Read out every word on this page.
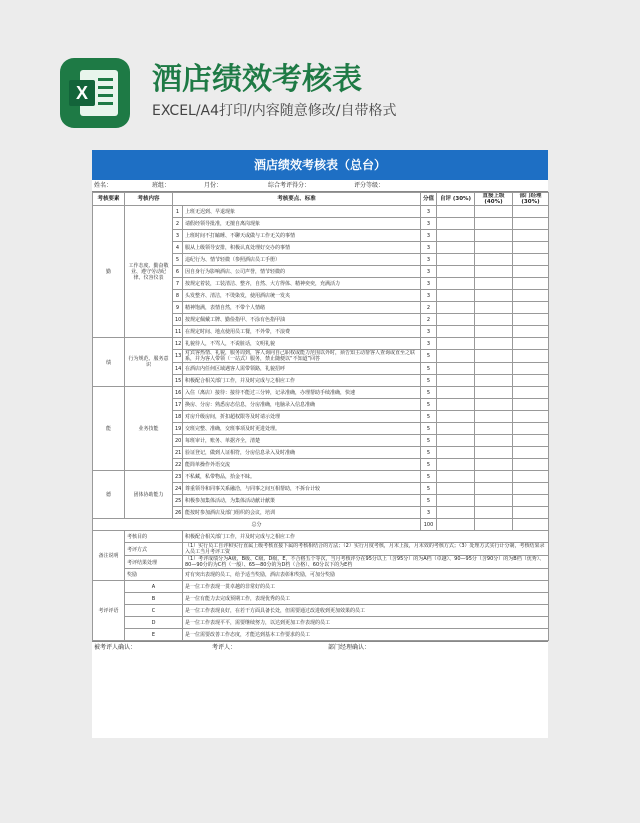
X 酒店绩效考核表
EXCEL/A4打印/内容随意修改/自带格式
酒店绩效考核表（总台）
姓名：	班组：	月份：	综合考评得分：	评分等级：
考核要素	考核内容	考核要点、标准		分值	自评 (30%)	直接上级 (40%)	部门经理 (30%)
勤	工作态度、勤奋敬业、遵守劳动纪律、仪容仪表	1	上班无迟到、早退现象	3			
		2	请假经领导批准，无擅自离岗现象	3			
		3	上班时间不打瞌睡、不聊天或做与工作无关的事情	3			
		4	服从上级领导安排，积极认真处理好交办的事情	3			
		5	违纪行为、情节轻微（参照酒店员工手册）	3			
		6	因自身行为影响酒店、公司声誉，情节轻微的	3			
		7	按规定着装，工装清洁、整齐，自然、大方得体、精神奕奕，充满活力	3			
		8	头发整齐、清洁，不烫染发，使用酒店统一发夹	3			
		9	精神饱满，表情自然，不带个人情绪	2			
		10	按规定佩戴工牌、勤俭指甲、不涂有色指甲油	2			
		11	在规定时间、地点使用员工餐，不外带，不浪费	3			
绩	行为规范、服务意识	12	礼貌待人，不骂人，不说脏话，文明礼貌	3			
		13	对宾客热情、礼貌，服务周到，客人询问自己职权或能力范围以外时，须告知主动帮客人查询或直至之联系，并为客人带领（一站式）服务，禁止随便以“不知道”回答	5			
		14	在酒店内任何区域遇客人需带领路，礼貌招呼	5			
		15	积极配合相关部门工作，并及时完成与之相应工作	5			
能	业务技能	16	入住（离店）接待：接待不能过三分钟，记录准确，办理帮助手续准确，快速	5			
		17	换房、分房：熟悉房态信息，分房准确，电脑录入信息准确	5			
		18	对房升级房间，折扣超权限等及时请示处理	5			
		19	交班完整、准确，交班事项及时更进处理。	5			
		20	每班审计，账务、单据齐全，清楚	5			
		21	验证登记，做到人证相符，分房信息录入及时准确	5			
		22	能简单操作外语交流	5			
德	团体协助能力	23	不私藏，私带物品，拾金不昧。	5			
		24	尊重领导和同事关系融洽，与同事之间互相帮助，不拆台计较	5			
		25	积极参加集体活动，为集体活动献计献策	5			
		26	能按时参加酒店及部门组织的会议，培训	3			
总分				100			
备注说明	考核目的		积极配合相关部门工作，并及时完成与之相应工作				
	考评方式		（1）实行员工自评和实行直属上级考核直接下属的考核相结合的方法；（2）实行月度考核，月末上报，月末效的考核方式；（3）处理方式实行计分制，考核结果录入员工当月考评工资				
	考评结果处理		（1）考评成绩分为A级、B级、C级、D级、E，不合格五个等次，当月考核评分在95分以上（含95分）的为A档（卓越）、90—95分（含90分）的为B档（优秀）、80—90分的为C档（一般）、65—80分的为D档（合格）、60分以下的为E档				
	奖励		对有突出表现的员工，给予适当奖励，酒店表彰和奖励，可加分奖励				
考评评语	A		是一位工作表现一贯卓越的非常好的员工				
	B		是一位有能力去完成预期工作，表现优秀的员工				
	C		是一位工作表现良好，在若干方面具备长处，但需要通过改进收到更加效果的员工				
	D		是一位工作表现平平，需要继续努力，以达到更加工作表现的员工				
	E		是一位需要改善工作态度，才能达到基本工作要求的员工				
被考评人确认：	考评人：	部门经理确认：
